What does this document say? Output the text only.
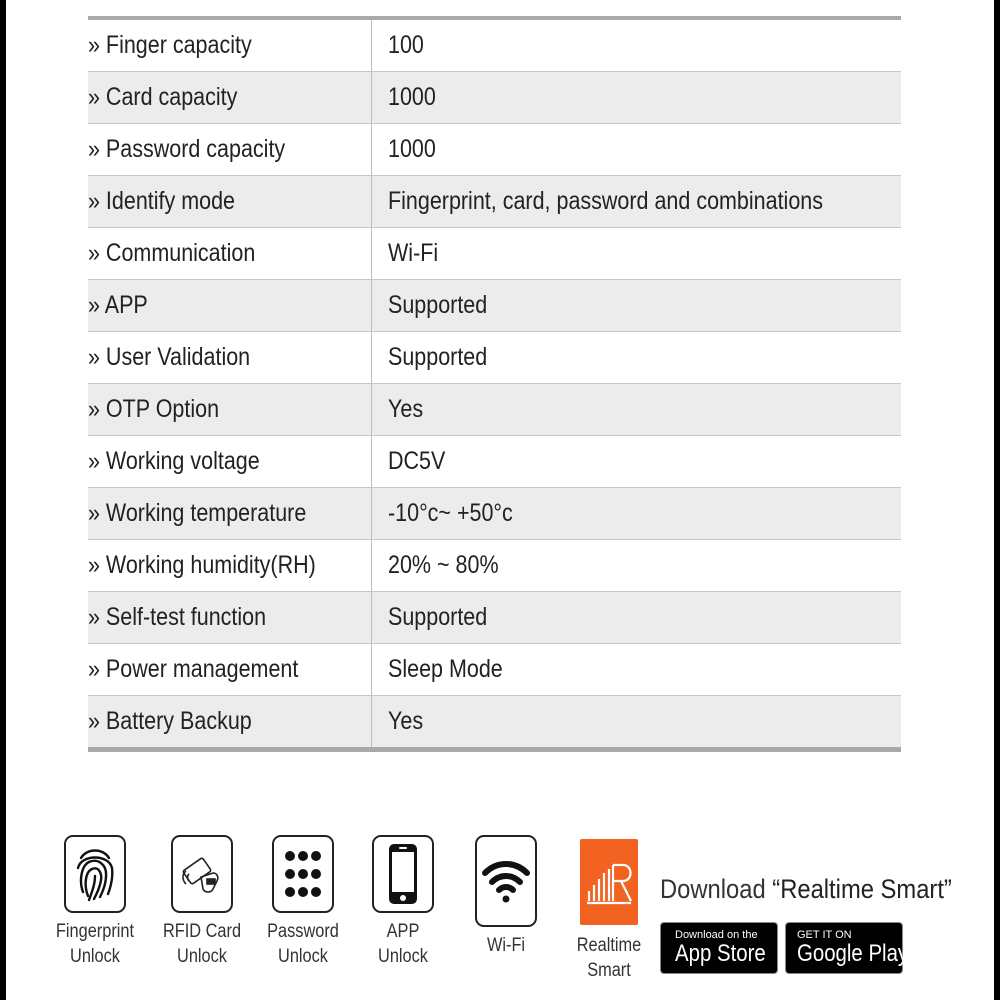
» Finger capacity	100
» Card capacity	1000
» Password capacity	1000
» Identify mode	Fingerprint, card, password and combinations
» Communication	Wi-Fi
» APP	Supported
» User Validation	Supported
» OTP Option	Yes
» Working voltage	DC5V
» Working temperature	-10°c~ +50°c
» Working humidity(RH)	20% ~ 80%
» Self-test function	Supported
» Power management	Sleep Mode
» Battery Backup	Yes
Fingerprint
Unlock
RFID Card
Unlock
Password
Unlock
APP
Unlock
Wi-Fi	Realtime
Smart
Download “Realtime Smart”
Download on the
App Store
GET IT ON
Google Play
